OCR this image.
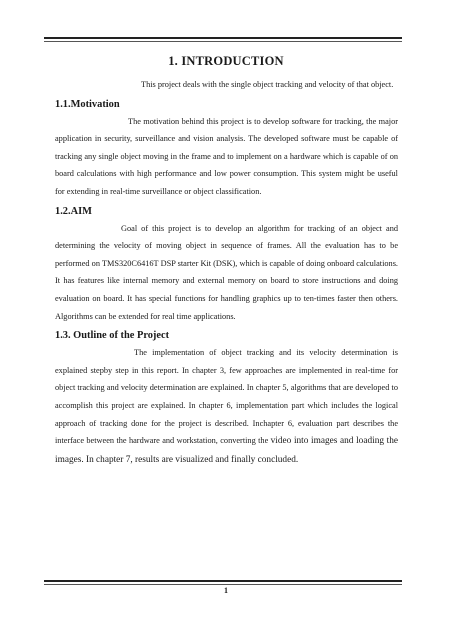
1. INTRODUCTION

This project deals with the single object tracking and velocity of that object.

1.1.Motivation

The motivation behind this project is to develop software for tracking, the major application in security, surveillance and vision analysis. The developed software must be capable of tracking any single object moving in the frame and to implement on a hardware which is capable of on board calculations with high performance and low power consumption. This system might be useful for extending in real-time surveillance or object classification.

1.2.AIM

Goal of this project is to develop an algorithm for tracking of an object and determining the velocity of moving object in sequence of frames. All the evaluation has to be performed on TMS320C6416T DSP starter Kit (DSK), which is capable of doing onboard calculations. It has features like internal memory and external memory on board to store instructions and doing evaluation on board. It has special functions for handling graphics up to ten-times faster then others. Algorithms can be extended for real time applications.

1.3. Outline of the Project

The implementation of object tracking and its velocity determination is explained stepby step in this report. In chapter 3, few approaches are implemented in real-time for object tracking and velocity determination are explained. In chapter 5, algorithms that are developed to accomplish this project are explained. In chapter 6, implementation part which includes the logical approach of tracking done for the project is described. Inchapter 6, evaluation part describes the interface between the hardware and workstation, converting the video into images and loading the images. In chapter 7, results are visualized and finally concluded.

1
